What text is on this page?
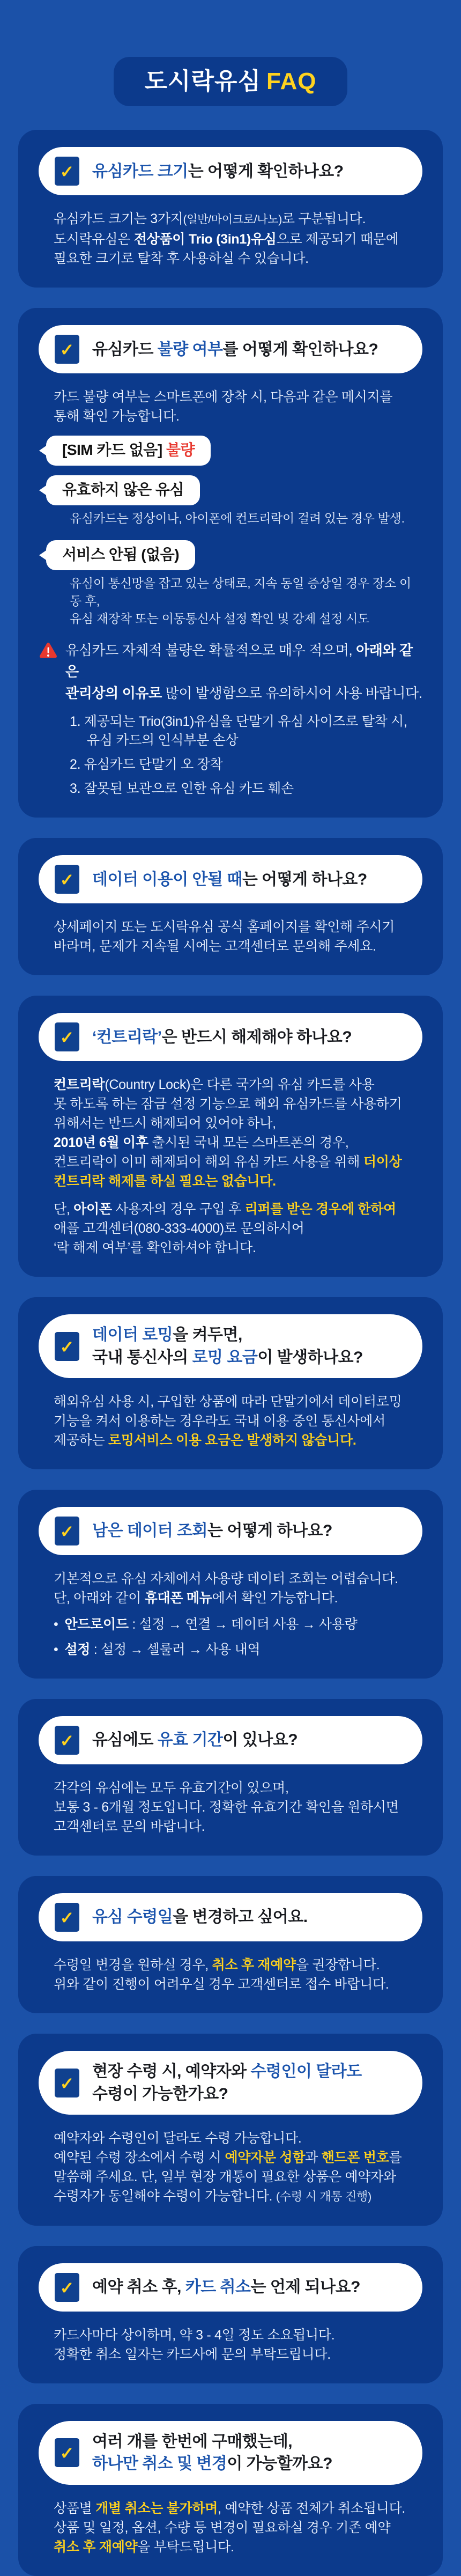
도시락유심 FAQ
✓ 유심카드 크기는 어떻게 확인하나요?
유심카드 크기는 3가지(일반/마이크로/나노)로 구분됩니다.
도시락유심은 전상품이 Trio (3in1)유심으로 제공되기 때문에
필요한 크기로 탈착 후 사용하실 수 있습니다.
✓ 유심카드 불량 여부를 어떻게 확인하나요?
카드 불량 여부는 스마트폰에 장착 시, 다음과 같은 메시지를
통해 확인 가능합니다.
[SIM 카드 없음] 불량
유효하지 않은 유심
유심카드는 정상이나, 아이폰에 컨트리락이 걸려 있는 경우 발생.
서비스 안됨 (없음)
유심이 통신망을 잡고 있는 상태로, 지속 동일 증상일 경우 장소 이동 후,
유심 재장착 또는 이동통신사 설정 확인 및 강제 설정 시도
유심카드 자체적 불량은 확률적으로 매우 적으며, 아래와 같은
관리상의 이유로 많이 발생함으로 유의하시어 사용 바랍니다.
1. 제공되는 Trio(3in1)유심을 단말기 유심 사이즈로 탈착 시,
유심 카드의 인식부분 손상
2. 유심카드 단말기 오 장착
3. 잘못된 보관으로 인한 유심 카드 훼손
✓ 데이터 이용이 안될 때는 어떻게 하나요?
상세페이지 또는 도시락유심 공식 홈페이지를 확인해 주시기
바라며, 문제가 지속될 시에는 고객센터로 문의해 주세요.
✓ ‘컨트리락’은 반드시 해제해야 하나요?
컨트리락(Country Lock)은 다른 국가의 유심 카드를 사용
못 하도록 하는 잠금 설정 기능으로 해외 유심카드를 사용하기
위해서는 반드시 해제되어 있어야 하나,
2010년 6월 이후 출시된 국내 모든 스마트폰의 경우,
컨트리락이 이미 해제되어 해외 유심 카드 사용을 위해 더이상
컨트리락 해제를 하실 필요는 없습니다.
단, 아이폰 사용자의 경우 구입 후 리퍼를 받은 경우에 한하여
애플 고객센터(080-333-4000)로 문의하시어
‘락 해제 여부’를 확인하셔야 합니다.
✓
데이터 로밍을 켜두면,
국내 통신사의 로밍 요금이 발생하나요?
해외유심 사용 시, 구입한 상품에 따라 단말기에서 데이터로밍
기능을 켜서 이용하는 경우라도 국내 이용 중인 통신사에서
제공하는 로밍서비스 이용 요금은 발생하지 않습니다.
✓ 남은 데이터 조회는 어떻게 하나요?
기본적으로 유심 자체에서 사용량 데이터 조회는 어렵습니다.
단, 아래와 같이 휴대폰 메뉴에서 확인 가능합니다.
• 안드로이드 : 설정 → 연결 → 데이터 사용 → 사용량
• 설정 : 설정 → 셀룰러 → 사용 내역
✓ 유심에도 유효 기간이 있나요?
각각의 유심에는 모두 유효기간이 있으며,
보통 3 - 6개월 정도입니다. 정확한 유효기간 확인을 원하시면
고객센터로 문의 바랍니다.
✓ 유심 수령일을 변경하고 싶어요.
수령일 변경을 원하실 경우, 취소 후 재예약을 권장합니다.
위와 같이 진행이 어려우실 경우 고객센터로 접수 바랍니다.
✓
현장 수령 시, 예약자와 수령인이 달라도
수령이 가능한가요?
예약자와 수령인이 달라도 수령 가능합니다.
예약된 수령 장소에서 수령 시 예약자분 성함과 핸드폰 번호를
말씀해 주세요. 단, 일부 현장 개통이 필요한 상품은 예약자와
수령자가 동일해야 수령이 가능합니다. (수령 시 개통 진행)
✓ 예약 취소 후, 카드 취소는 언제 되나요?
카드사마다 상이하며, 약 3 - 4일 정도 소요됩니다.
정확한 취소 일자는 카드사에 문의 부탁드립니다.
✓
여러 개를 한번에 구매했는데,
하나만 취소 및 변경이 가능할까요?
상품별 개별 취소는 불가하며, 예약한 상품 전체가 취소됩니다.
상품 및 일정, 옵션, 수량 등 변경이 필요하실 경우 기존 예약
취소 후 재예약을 부탁드립니다.
